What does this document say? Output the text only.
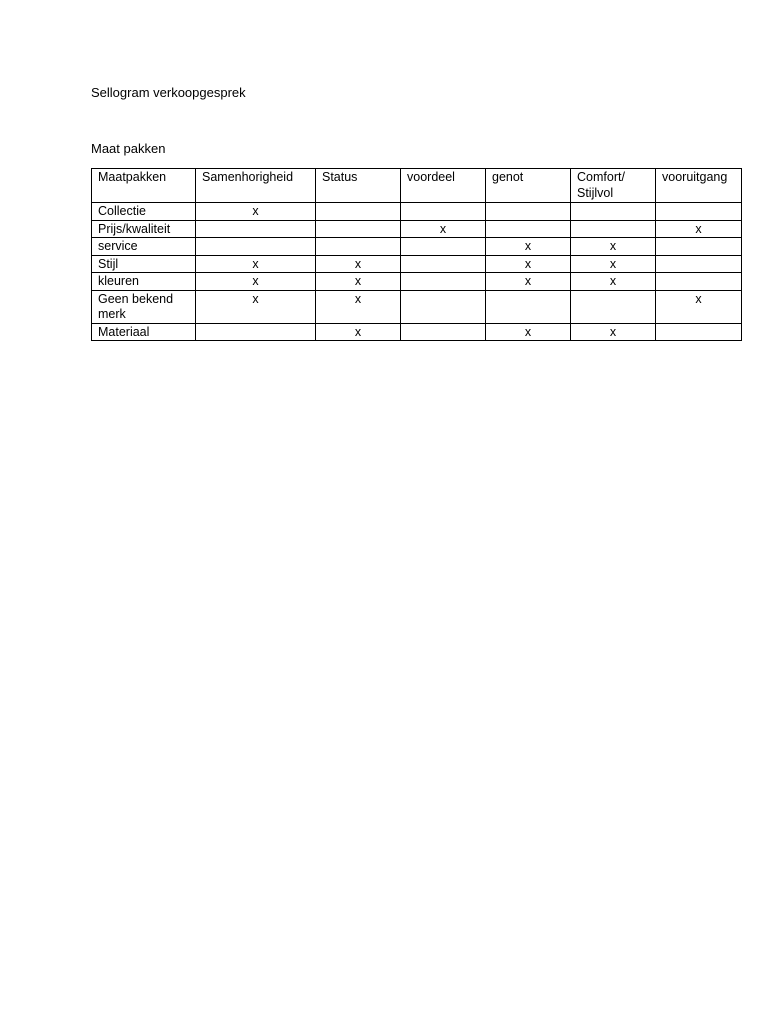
Sellogram verkoopgesprek
Maat pakken
Maatpakken	Samenhorigheid	Status	voordeel	genot	Comfort/ Stijlvol	vooruitgang
Collectie	x					
Prijs/kwaliteit			x			x
service				x	x	
Stijl	x	x		x	x	
kleuren	x	x		x	x	
Geen bekend merk	x	x				x
Materiaal		x		x	x	
